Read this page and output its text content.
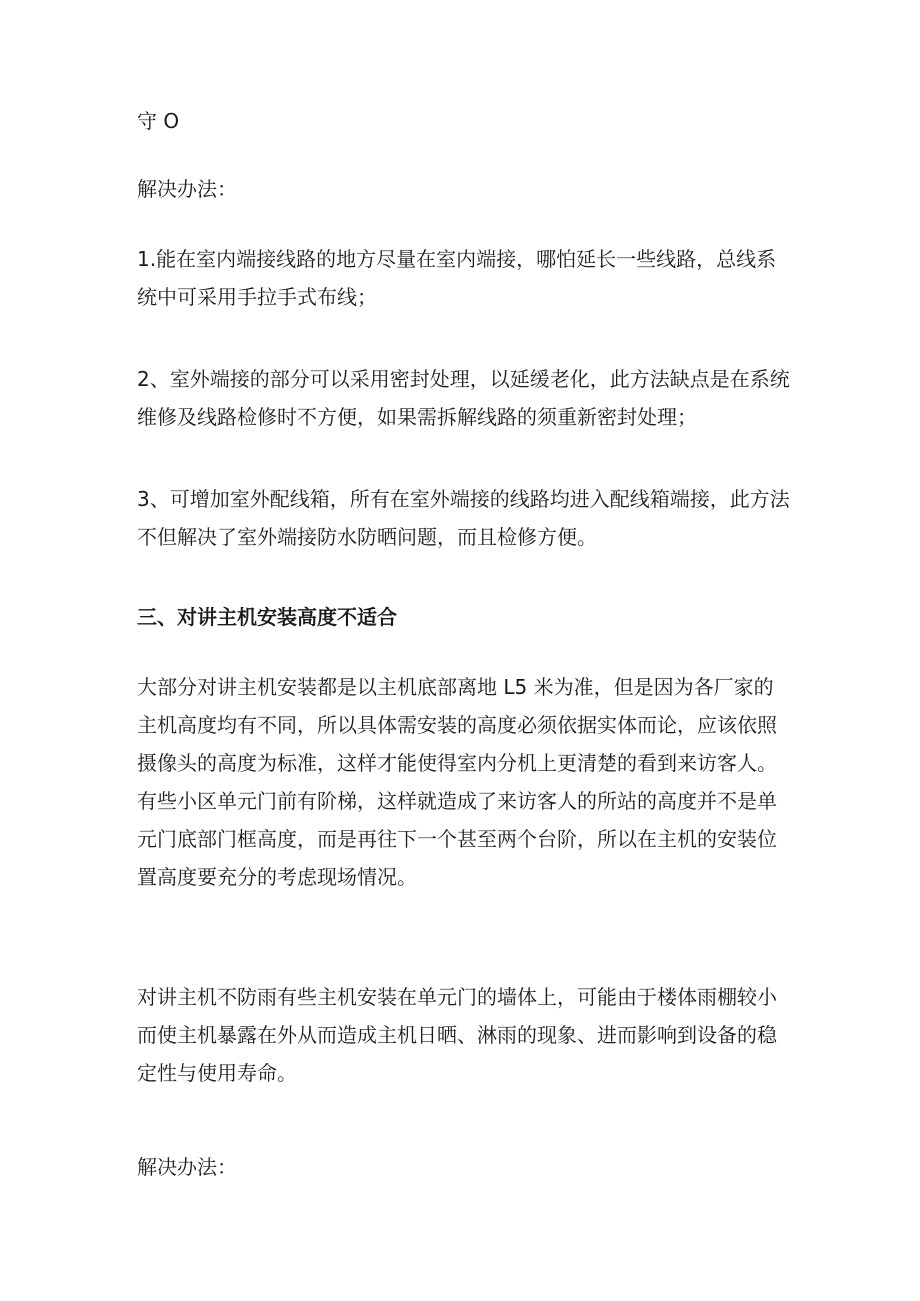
守 O

解决办法：

1.能在室内端接线路的地方尽量在室内端接，哪怕延长一些线路，总线系
统中可采用手拉手式布线；

2、室外端接的部分可以采用密封处理，以延缓老化，此方法缺点是在系统
维修及线路检修时不方便，如果需拆解线路的须重新密封处理；

3、可增加室外配线箱，所有在室外端接的线路均进入配线箱端接，此方法
不但解决了室外端接防水防晒问题，而且检修方便。

三、对讲主机安装高度不适合

大部分对讲主机安装都是以主机底部离地 L5 米为准，但是因为各厂家的
主机高度均有不同，所以具体需安装的高度必须依据实体而论，应该依照
摄像头的高度为标准，这样才能使得室内分机上更清楚的看到来访客人。
有些小区单元门前有阶梯，这样就造成了来访客人的所站的高度并不是单
元门底部门框高度，而是再往下一个甚至两个台阶，所以在主机的安装位
置高度要充分的考虑现场情况。

对讲主机不防雨有些主机安装在单元门的墙体上，可能由于楼体雨棚较小
而使主机暴露在外从而造成主机日晒、淋雨的现象、进而影响到设备的稳
定性与使用寿命。

解决办法：
